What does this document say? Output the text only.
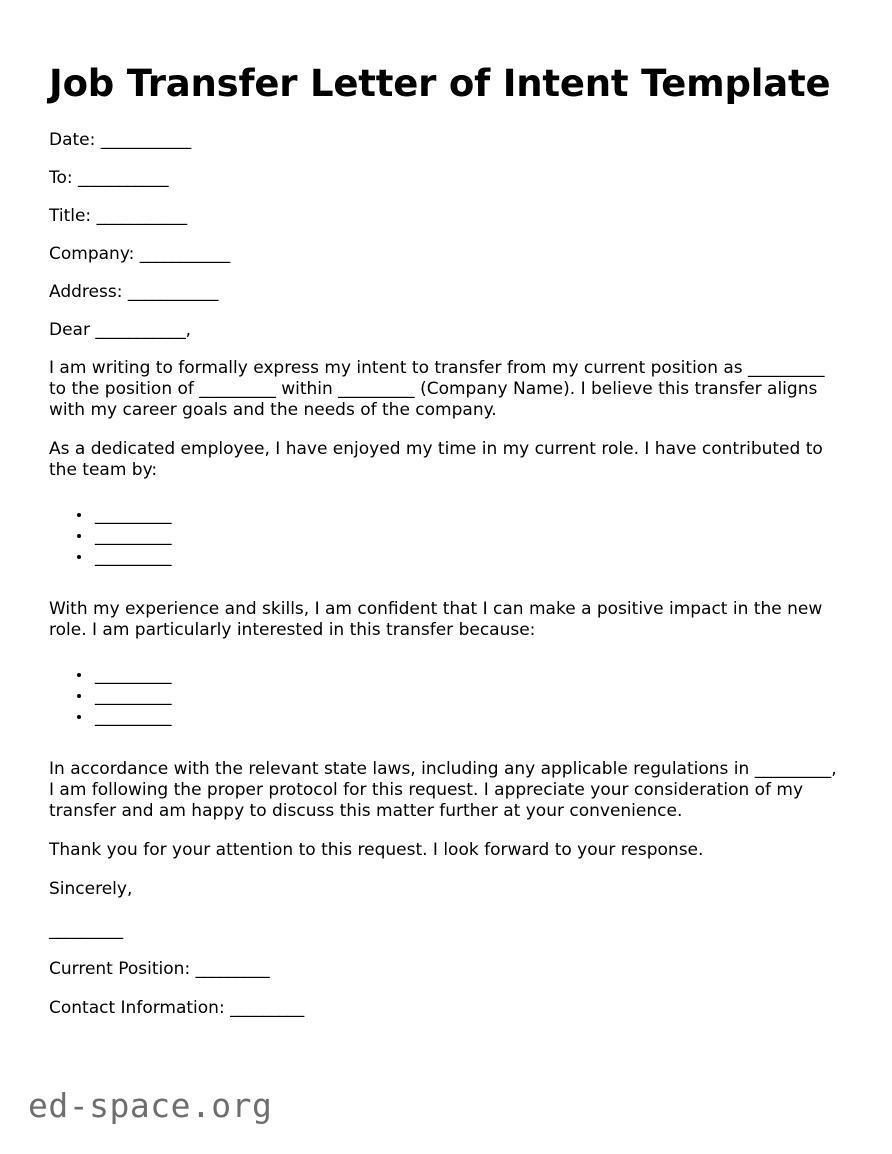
Job Transfer Letter of Intent Template
Date: ___________
To: ___________
Title: ___________
Company: ___________
Address: ___________
Dear ___________,

I am writing to formally express my intent to transfer from my current position as _________ to the position of _________ within _________ (Company Name). I believe this transfer aligns with my career goals and the needs of the company.

As a dedicated employee, I have enjoyed my time in my current role. I have contributed to the team by:

_________
_________
_________

With my experience and skills, I am confident that I can make a positive impact in the new role. I am particularly interested in this transfer because:

_________
_________
_________

In accordance with the relevant state laws, including any applicable regulations in _________, I am following the proper protocol for this request. I appreciate your consideration of my transfer and am happy to discuss this matter further at your convenience.

Thank you for your attention to this request. I look forward to your response.

Sincerely,

_________
Current Position: _________
Contact Information: _________
ed-space.org
